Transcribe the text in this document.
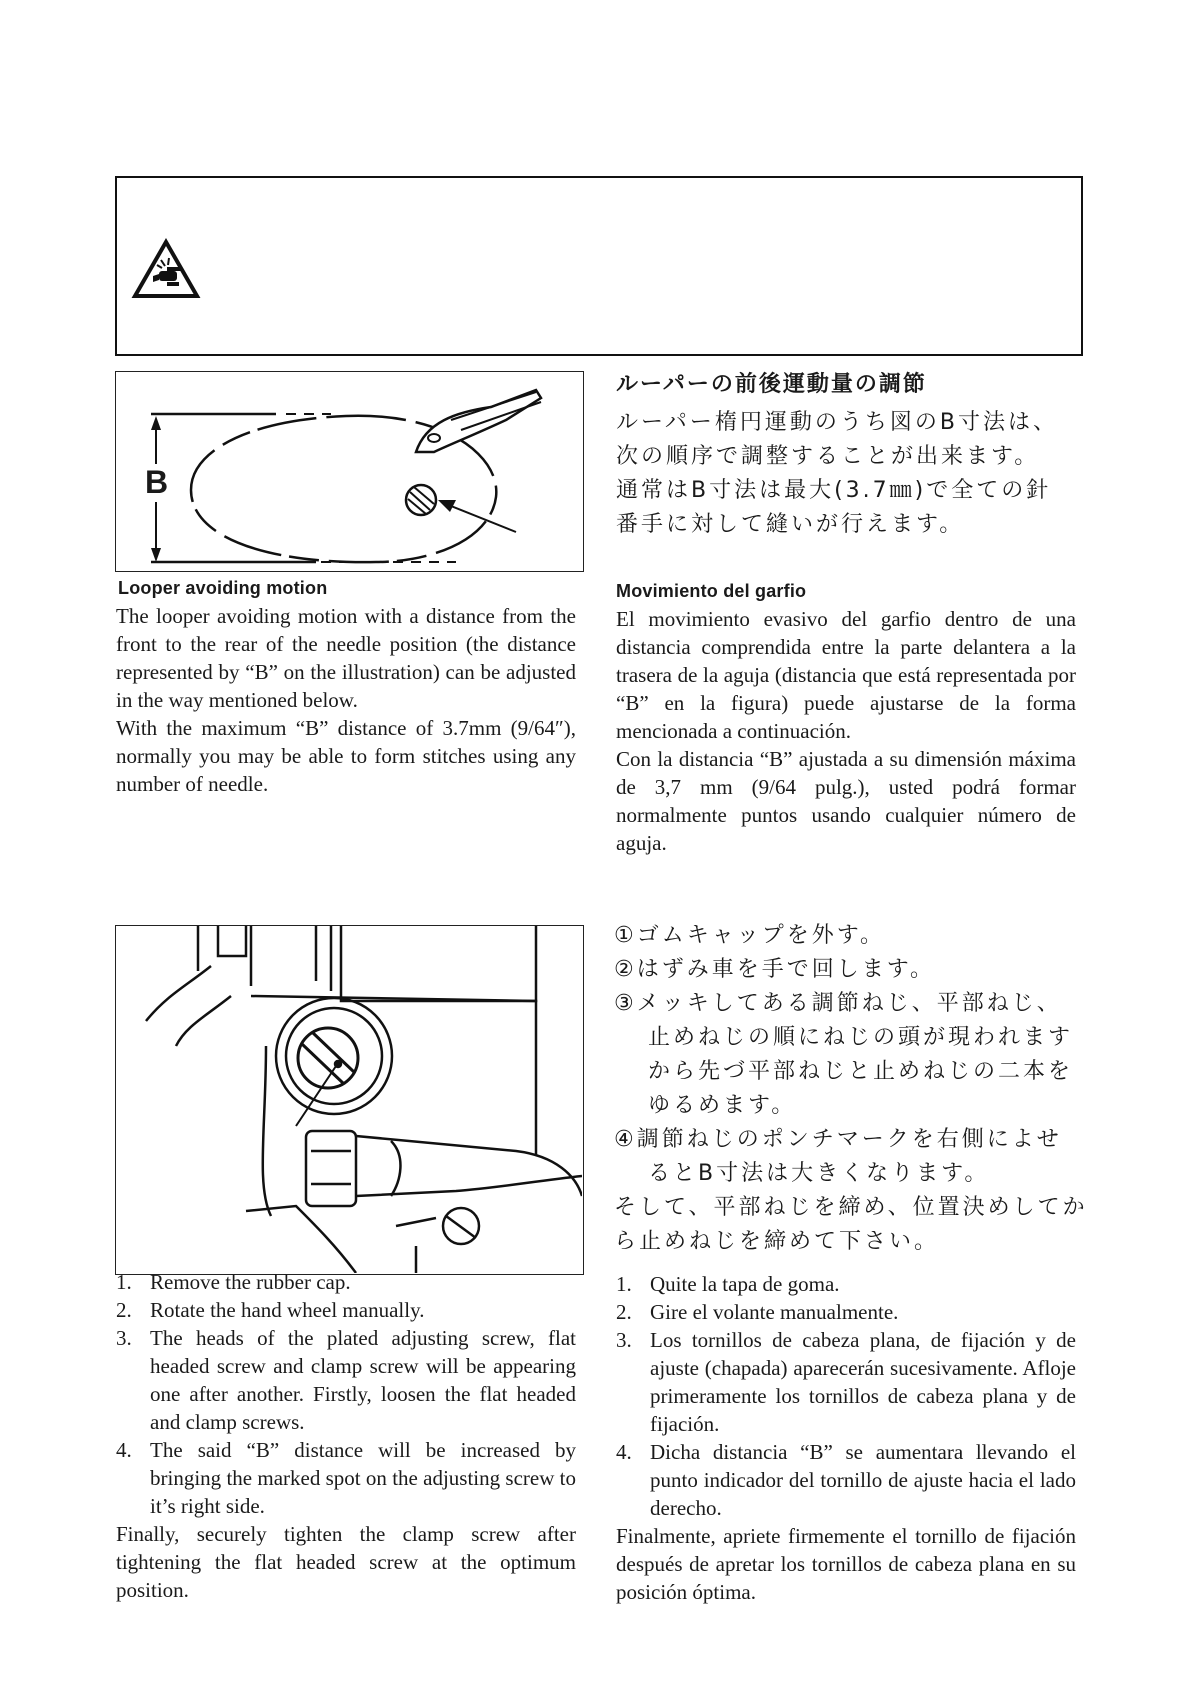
B

ルーパーの前後運動量の調節

ルーパー楕円運動のうち図のB寸法は、

次の順序で調整することが出来ます。

通常はB寸法は最大(3.7㎜)で全ての針

番手に対して縫いが行えます。

Looper avoiding motion

The looper avoiding motion with a distance from the front to the rear of the needle position (the distance represented by “B” on the illustration) can be adjusted in the way mentioned below.

With the maximum “B” distance of 3.7mm (9/64″), normally you may be able to form stitches using any number of needle.

Movimiento del garfio

El movimiento evasivo del garfio dentro de una distancia comprendida entre la parte delantera a la trasera de la aguja (distancia que está representada por “B” en la figura) puede ajustarse de la forma mencionada a continuación.

Con la distancia “B” ajustada a su dimensión máxima de 3,7 mm (9/64 pulg.), usted podrá formar normalmente puntos usando cualquier número de aguja.

①ゴムキャップを外す。

②はずみ車を手で回します。

③メッキしてある調節ねじ、平部ねじ、

止めねじの順にねじの頭が現われます

から先づ平部ねじと止めねじの二本を

ゆるめます。

④調節ねじのポンチマークを右側によせ

るとB寸法は大きくなります。

そして、平部ねじを締め、位置決めしてか

ら止めねじを締めて下さい。

1. Remove the rubber cap.
2. Rotate the hand wheel manually.
3. The heads of the plated adjusting screw, flat headed screw and clamp screw will be appearing one after another. Firstly, loosen the flat headed and clamp screws.
4. The said “B” distance will be increased by bringing the marked spot on the adjusting screw to it’s right side.

Finally, securely tighten the clamp screw after tightening the flat headed screw at the optimum position.

1. Quite la tapa de goma.
2. Gire el volante manualmente.
3. Los tornillos de cabeza plana, de fijación y de ajuste (chapada) aparecerán sucesivamente. Afloje primeramente los tornillos de cabeza plana y de fijación.
4. Dicha distancia “B” se aumentara llevando el punto indicador del tornillo de ajuste hacia el lado derecho.

Finalmente, apriete firmemente el tornillo de fijación después de apretar los tornillos de cabeza plana en su posición óptima.
